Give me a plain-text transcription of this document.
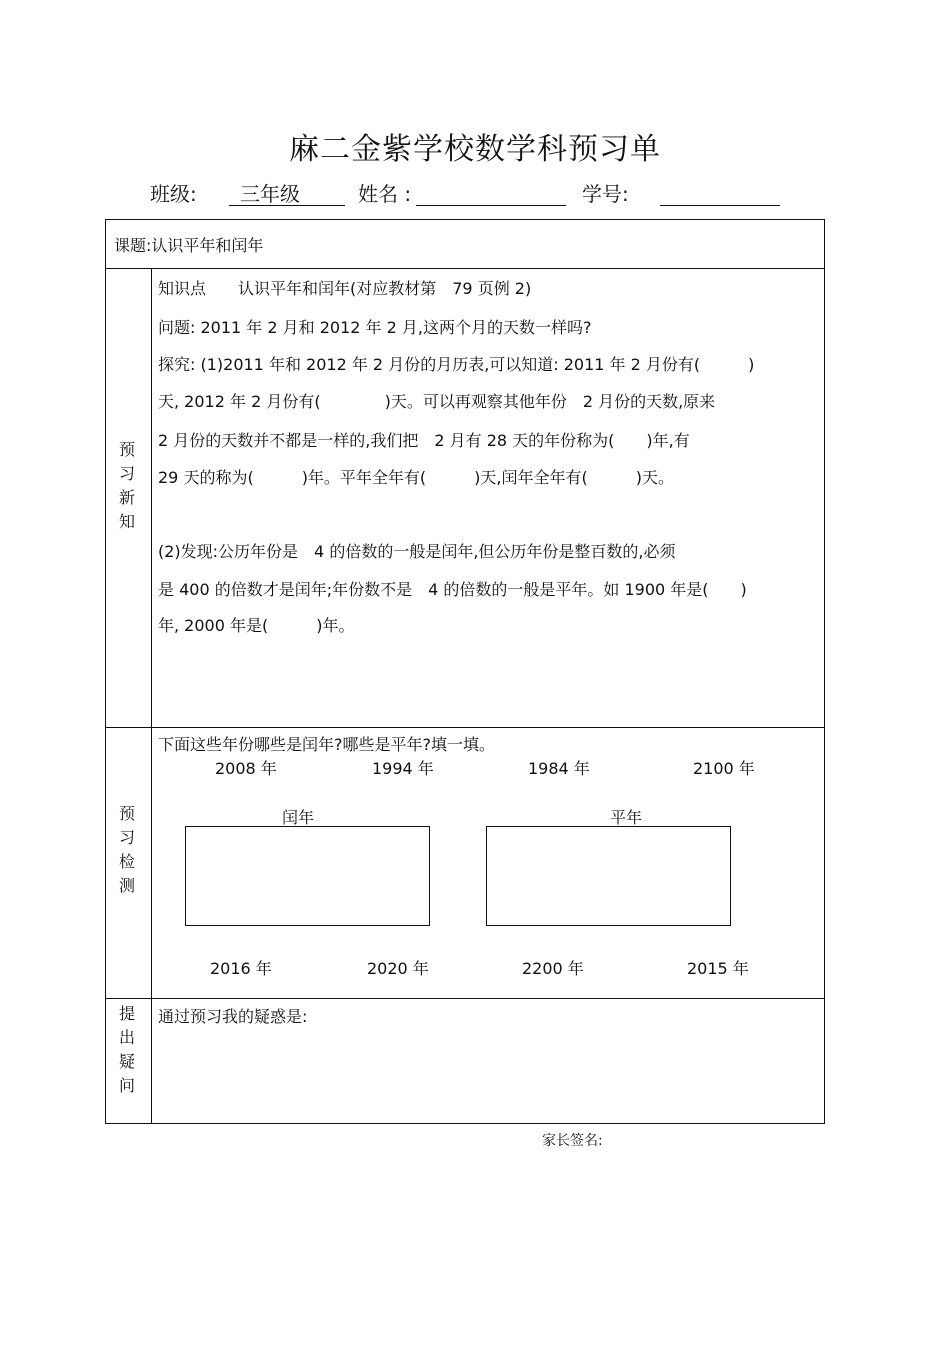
麻二金紫学校数学科预习单
班级: 三年级	姓名 :	学号:
课题:认识平年和闰年
预习新知
知识点　　认识平年和闰年(对应教材第　79 页例 2)
问题: 2011 年 2 月和 2012 年 2 月,这两个月的天数一样吗?
探究: (1)2011 年和 2012 年 2 月份的月历表,可以知道: 2011 年 2 月份有(　　　)
天, 2012 年 2 月份有(　　　　)天。可以再观察其他年份　2 月份的天数,原来
2 月份的天数并不都是一样的,我们把　2 月有 28 天的年份称为(　　)年,有
29 天的称为(　　　)年。平年全年有(　　　)天,闰年全年有(　　　)天。
(2)发现:公历年份是　4 的倍数的一般是闰年,但公历年份是整百数的,必须
是 400 的倍数才是闰年;年份数不是　4 的倍数的一般是平年。如 1900 年是(　　)
年, 2000 年是(　　　)年。
预习检测
下面这些年份哪些是闰年?哪些是平年?填一填。
2008 年	1994 年	1984 年	2100 年
闰年	平年
2016 年	2020 年	2200 年	2015 年
提出疑问
通过预习我的疑惑是:
家长签名:
